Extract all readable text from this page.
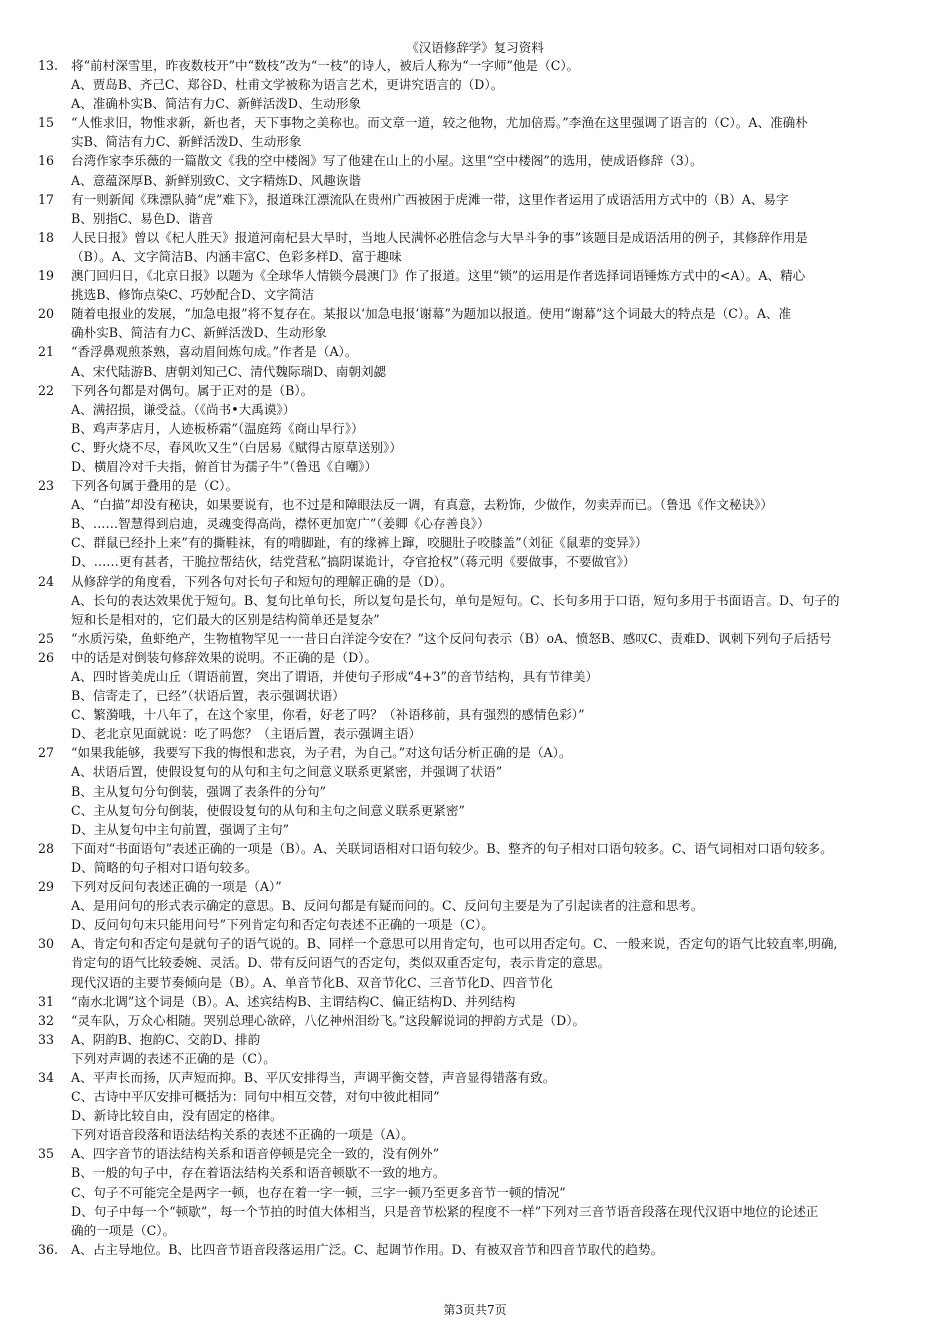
《汉语修辞学》复习资料
13.	将“前村深雪里，昨夜数枝开”中“数枝”改为“一枝”的诗人，被后人称为“一字师”他是（C）。
A、贾岛B、齐己C、郑谷D、杜甫文学被称为语言艺术，更讲究语言的（D）。
A、准确朴实B、简洁有力C、新鲜活泼D、生动形象
15	“人惟求旧，物惟求新，新也者，天下事物之美称也。而文章一道，较之他物，尤加倍焉。”李渔在这里强调了语言的（C）。A、准确朴
实B、简洁有力C、新鲜活泼D、生动形象
16	台湾作家李乐薇的一篇散文《我的空中楼阁》写了他建在山上的小屋。这里“空中楼阁”的选用，使成语修辞（3）。
A、意蕴深厚B、新鲜别致C、文字精炼D、风趣诙谐
17	有一则新闻《珠漂队骑“虎”难下》，报道珠江漂流队在贵州广西被困于虎滩一带，这里作者运用了成语活用方式中的（B）A、易字
B、别指C、易色D、谐音
18	人民日报》曾以《杞人胜天》报道河南杞县大旱时，当地人民满怀必胜信念与大旱斗争的事”该题目是成语活用的例子，其修辞作用是
（B）。A、文字简洁B、内涵丰富C、色彩多样D、富于趣味
19	澳门回归日，《北京日报》以题为《全球华人情锁今晨澳门》作了报道。这里“锁”的运用是作者选择词语锤炼方式中的<A）。A、精心
挑选B、修饰点染C、巧妙配合D、文字简洁
20	随着电报业的发展，“加急电报”将不复存在。某报以‘加急电报’谢幕”为题加以报道。使用“谢幕”这个词最大的特点是（C）。A、准
确朴实B、简洁有力C、新鲜活泼D、生动形象
21	“香浮鼻观煎茶熟，喜动眉间炼句成。”作者是（A）。
A、宋代陆游B、唐朝刘知己C、清代魏际瑞D、南朝刘勰
22	下列各句都是对偶句。属于正对的是（B）。
A、满招损，谦受益。（《尚书•大禹谟》）
B、鸡声茅店月，人迹板桥霜”（温庭筠《商山早行》）
C、野火烧不尽，春风吹又生”（白居易《赋得古原草送别》）
D、横眉冷对千夫指，俯首甘为孺子牛”（鲁迅《自嘲》）
23	下列各句属于叠用的是（C）。
A、“白描”却没有秘诀，如果要说有，也不过是和障眼法反一调，有真意，去粉饰，少做作，勿卖弄而已。（鲁迅《作文秘诀》）
B、……智慧得到启迪，灵魂变得高尚，襟怀更加宽广”（姜卿《心存善良》）
C、群鼠已经扑上来”有的撕鞋袜，有的啃脚趾，有的缘裤上蹿，咬腿肚子咬膝盖”（刘征《鼠辈的变异》）
D、……更有甚者，干脆拉帮结伙，结党营私”搞阴谋诡计，夺官抢权”（蒋元明《要做事，不要做官》）
24	从修辞学的角度看，下列各句对长句子和短句的理解正确的是（D）。
A、长句的表达效果优于短句。B、复句比单句长，所以复句是长句，单句是短句。C、长句多用于口语，短句多用于书面语言。D、句子的
短和长是相对的，它们最大的区别是结构简单还是复杂”
25	“水质污染，鱼虾绝产，生物植物罕见一一昔日白洋淀今安在？”这个反问句表示（B）oA、愤怒B、感叹C、责难D、讽刺下列句子后括号
26	中的话是对倒装句修辞效果的说明。不正确的是（D）。
A、四时皆美虎山丘（谓语前置，突出了谓语，并使句子形成“4+3”的音节结构，具有节律美）
B、信寄走了，已经”（状语后置，表示强调状语）
C、繁漪哦，十八年了，在这个家里，你看，好老了吗？（补语移前，具有强烈的感情色彩）”
D、老北京见面就说：吃了吗您？（主语后置，表示强调主语）
27	“如果我能够，我要写下我的悔恨和悲哀，为子君，为自己。”对这句话分析正确的是（A）。
A、状语后置，使假设复句的从句和主句之间意义联系更紧密，并强调了状语”
B、主从复句分句倒装，强调了表条件的分句”
C、主从复句分句倒装，使假设复句的从句和主句之间意义联系更紧密”
D、主从复句中主句前置，强调了主句”
28	下面对“书面语句”表述正确的一项是（B）。A、关联词语相对口语句较少。B、整齐的句子相对口语句较多。C、语气词相对口语句较多。
D、简略的句子相对口语句较多。
29	下列对反问句表述正确的一项是（A）”
A、是用问句的形式表示确定的意思。B、反问句都是有疑而问的。C、反问句主要是为了引起读者的注意和思考。
D、反问句句末只能用问号”下列肯定句和否定句表述不正确的一项是（C）。
30	A、肯定句和否定句是就句子的语气说的。B、同样一个意思可以用肯定句，也可以用否定句。C、一般来说，否定句的语气比较直率,明确,
肯定句的语气比较委婉、灵活。D、带有反问语气的否定句，类似双重否定句，表示肯定的意思。
现代汉语的主要节奏倾向是（B）。A、单音节化B、双音节化C、三音节化D、四音节化
31	“南水北调”这个词是（B）。A、述宾结构B、主谓结构C、偏正结构D、并列结构
32	“灵车队，万众心相随。哭别总理心欲碎，八亿神州泪纷飞。”这段解说词的押韵方式是（D）。
33	A、阴韵B、抱韵C、交韵D、排韵
下列对声调的表述不正确的是（C）。
34	A、平声长而扬，仄声短而抑。B、平仄安排得当，声调平衡交替，声音显得错落有致。
C、古诗中平仄安排可概括为：同句中相互交替，对句中彼此相同”
D、新诗比较自由，没有固定的格律。
下列对语音段落和语法结构关系的表述不正确的一项是（A）。
35	A、四字音节的语法结构关系和语音停顿是完全一致的，没有例外”
B、一般的句子中，存在着语法结构关系和语音顿歇不一致的地方。
C、句子不可能完全是两字一顿，也存在着一字一顿，三字一顿乃至更多音节一顿的情况”
D、句子中每一个“顿歇”，每一个节拍的时值大体相当，只是音节松紧的程度不一样”下列对三音节语音段落在现代汉语中地位的论述正
确的一项是（C）。
36.	A、占主导地位。B、比四音节语音段落运用广泛。C、起调节作用。D、有被双音节和四音节取代的趋势。
第3页共7页
